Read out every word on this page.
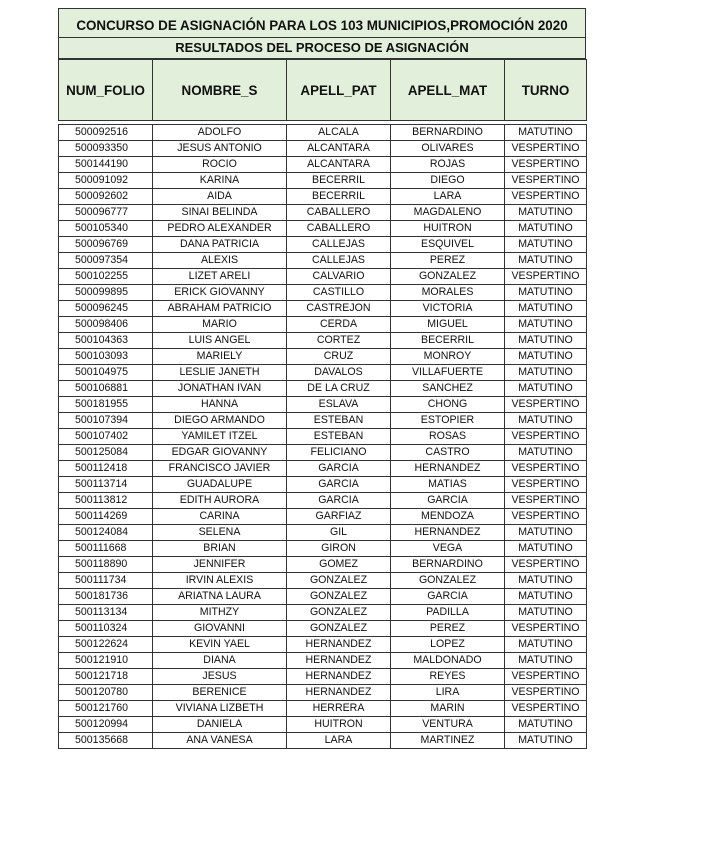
CONCURSO DE ASIGNACIÓN PARA LOS 103 MUNICIPIOS,PROMOCIÓN 2020
RESULTADOS DEL PROCESO DE ASIGNACIÓN
NUM_FOLIO	NOMBRE_S	APELL_PAT	APELL_MAT	TURNO

500092516	ADOLFO	ALCALA	BERNARDINO	MATUTINO
500093350	JESUS ANTONIO	ALCANTARA	OLIVARES	VESPERTINO
500144190	ROCIO	ALCANTARA	ROJAS	VESPERTINO
500091092	KARINA	BECERRIL	DIEGO	VESPERTINO
500092602	AIDA	BECERRIL	LARA	VESPERTINO
500096777	SINAI BELINDA	CABALLERO	MAGDALENO	MATUTINO
500105340	PEDRO ALEXANDER	CABALLERO	HUITRON	MATUTINO
500096769	DANA PATRICIA	CALLEJAS	ESQUIVEL	MATUTINO
500097354	ALEXIS	CALLEJAS	PEREZ	MATUTINO
500102255	LIZET ARELI	CALVARIO	GONZALEZ	VESPERTINO
500099895	ERICK GIOVANNY	CASTILLO	MORALES	MATUTINO
500096245	ABRAHAM PATRICIO	CASTREJON	VICTORIA	MATUTINO
500098406	MARIO	CERDA	MIGUEL	MATUTINO
500104363	LUIS ANGEL	CORTEZ	BECERRIL	MATUTINO
500103093	MARIELY	CRUZ	MONROY	MATUTINO
500104975	LESLIE JANETH	DAVALOS	VILLAFUERTE	MATUTINO
500106881	JONATHAN IVAN	DE LA CRUZ	SANCHEZ	MATUTINO
500181955	HANNA	ESLAVA	CHONG	VESPERTINO
500107394	DIEGO ARMANDO	ESTEBAN	ESTOPIER	MATUTINO
500107402	YAMILET ITZEL	ESTEBAN	ROSAS	VESPERTINO
500125084	EDGAR GIOVANNY	FELICIANO	CASTRO	MATUTINO
500112418	FRANCISCO JAVIER	GARCIA	HERNANDEZ	VESPERTINO
500113714	GUADALUPE	GARCIA	MATIAS	VESPERTINO
500113812	EDITH AURORA	GARCIA	GARCIA	VESPERTINO
500114269	CARINA	GARFIAZ	MENDOZA	VESPERTINO
500124084	SELENA	GIL	HERNANDEZ	MATUTINO
500111668	BRIAN	GIRON	VEGA	MATUTINO
500118890	JENNIFER	GOMEZ	BERNARDINO	VESPERTINO
500111734	IRVIN ALEXIS	GONZALEZ	GONZALEZ	MATUTINO
500181736	ARIATNA LAURA	GONZALEZ	GARCIA	MATUTINO
500113134	MITHZY	GONZALEZ	PADILLA	MATUTINO
500110324	GIOVANNI	GONZALEZ	PEREZ	VESPERTINO
500122624	KEVIN YAEL	HERNANDEZ	LOPEZ	MATUTINO
500121910	DIANA	HERNANDEZ	MALDONADO	MATUTINO
500121718	JESUS	HERNANDEZ	REYES	VESPERTINO
500120780	BERENICE	HERNANDEZ	LIRA	VESPERTINO
500121760	VIVIANA LIZBETH	HERRERA	MARIN	VESPERTINO
500120994	DANIELA	HUITRON	VENTURA	MATUTINO
500135668	ANA VANESA	LARA	MARTINEZ	MATUTINO
